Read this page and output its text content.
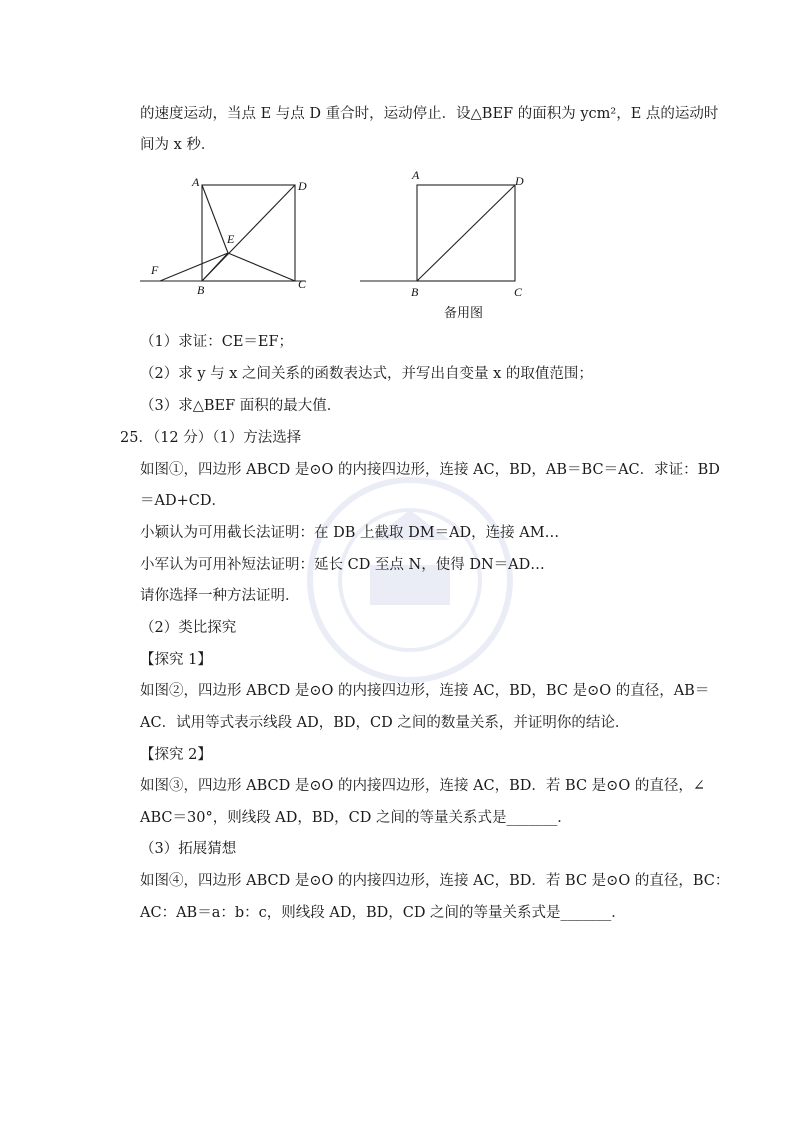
的速度运动，当点 E 与点 D 重合时，运动停止．设△BEF 的面积为 ycm²，E 点的运动时
间为 x 秒．
A	D
E
F
B	C
A	D
B	C
备用图
（1）求证：CE＝EF；
（2）求 y 与 x 之间关系的函数表达式，并写出自变量 x 的取值范围；
（3）求△BEF 面积的最大值．
25．（12 分）（1）方法选择
如图①，四边形 ABCD 是⊙O 的内接四边形，连接 AC，BD，AB＝BC＝AC．求证：BD
＝AD+CD．
小颖认为可用截长法证明：在 DB 上截取 DM＝AD，连接 AM…
小军认为可用补短法证明：延长 CD 至点 N，使得 DN＝AD…
请你选择一种方法证明．
（2）类比探究
【探究 1】
如图②，四边形 ABCD 是⊙O 的内接四边形，连接 AC，BD，BC 是⊙O 的直径，AB＝
AC．试用等式表示线段 AD，BD，CD 之间的数量关系，并证明你的结论．
【探究 2】
如图③，四边形 ABCD 是⊙O 的内接四边形，连接 AC，BD．若 BC 是⊙O 的直径，∠
ABC＝30°，则线段 AD，BD，CD 之间的等量关系式是_______．
（3）拓展猜想
如图④，四边形 ABCD 是⊙O 的内接四边形，连接 AC，BD．若 BC 是⊙O 的直径，BC：
AC：AB＝a：b：c，则线段 AD，BD，CD 之间的等量关系式是_______．
